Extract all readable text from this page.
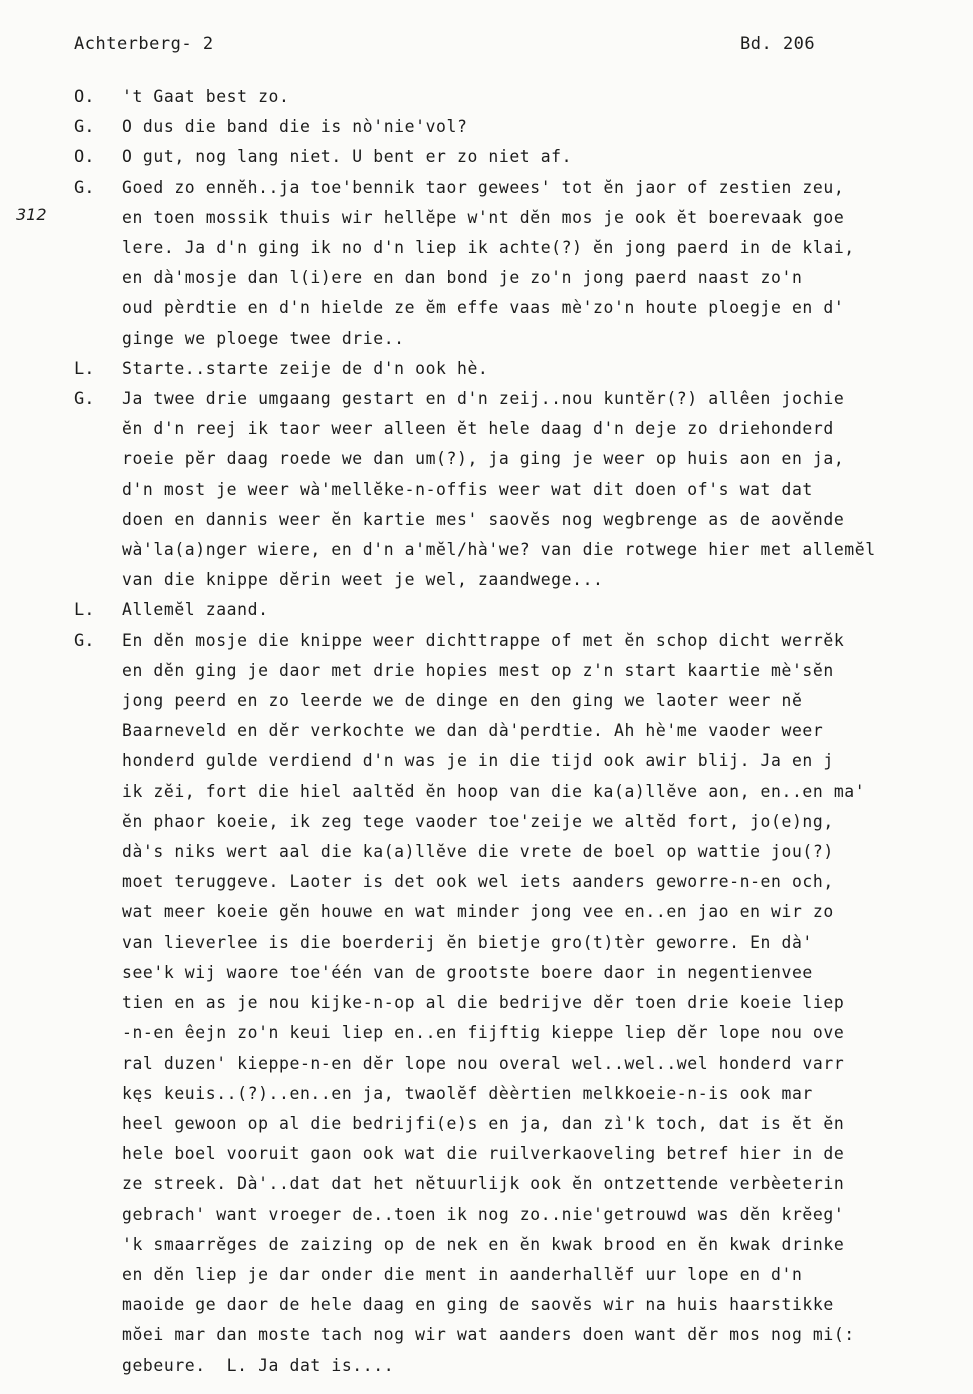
Achterberg- 2	Bd. 206
312
O.	't Gaat best zo.
G.	O dus die band die is nò'nie'vol?
O.	O gut, nog lang niet. U bent er zo niet af.
G.	Goed zo ennĕh..ja toe'bennik taor gewees' tot ĕn jaor of zestien zeu,
en toen mossik thuis wir hellĕpe w'nt dĕn mos je ook ĕt boerevaak goe
lere. Ja d'n ging ik no d'n liep ik achte(?) ĕn jong paerd in de klai,
en dà'mosje dan l(i)ere en dan bond je zo'n jong paerd naast zo'n
oud pèrdtie en d'n hielde ze ĕm effe vaas mè'zo'n houte ploegje en d'
ginge we ploege twee drie..
L.	Starte..starte zeije de d'n ook hè.
G.	Ja twee drie umgaang gestart en d'n zeij..nou kuntĕr(?) allêen jochie
ĕn d'n reej ik taor weer alleen ĕt hele daag d'n deje zo driehonderd
roeie pĕr daag roede we dan um(?), ja ging je weer op huis aon en ja,
d'n most je weer wà'mellĕke-n-offis weer wat dit doen of's wat dat
doen en dannis weer ĕn kartie mes' saovĕs nog wegbrenge as de aovĕnde
wà'la(a)nger wiere, en d'n a'mĕl/hà'we? van die rotwege hier met allemĕl
van die knippe dĕrin weet je wel, zaandwege...
L.	Allemĕl zaand.
G.	En dĕn mosje die knippe weer dichttrappe of met ĕn schop dicht werrĕk
en dĕn ging je daor met drie hopies mest op z'n start kaartie mè'sĕn
jong peerd en zo leerde we de dinge en den ging we laoter weer nĕ
Baarneveld en dĕr verkochte we dan dà'perdtie. Ah hè'me vaoder weer
honderd gulde verdiend d'n was je in die tijd ook awir blij. Ja en j
ik zĕi, fort die hiel aaltĕd ĕn hoop van die ka(a)llĕve aon, en..en ma'
ĕn phaor koeie, ik zeg tege vaoder toe'zeije we altĕd fort, jo(e)ng,
dà's niks wert aal die ka(a)llĕve die vrete de boel op wattie jou(?)
moet teruggeve. Laoter is det ook wel iets aanders geworre-n-en och,
wat meer koeie gĕn houwe en wat minder jong vee en..en jao en wir zo
van lieverlee is die boerderij ĕn bietje gro(t)tèr geworre. En dà'
see'k wij waore toe'één van de grootste boere daor in negentienvee
tien en as je nou kijke-n-op al die bedrijve dĕr toen drie koeie liep
-n-en êejn zo'n keui liep en..en fijftig kieppe liep dĕr lope nou ove
ral duzen' kieppe-n-en dĕr lope nou overal wel..wel..wel honderd varr
kęs keuis..(?)..en..en ja, twaolĕf dèèrtien melkkoeie-n-is ook mar
heel gewoon op al die bedrijfi(e)s en ja, dan zì'k toch, dat is ĕt ĕn
hele boel vooruit gaon ook wat die ruilverkaoveling betref hier in de
ze streek. Dà'..dat dat het nĕtuurlijk ook ĕn ontzettende verbèeterin
gebrach' want vroeger de..toen ik nog zo..nie'getrouwd was dĕn krĕeg'
'k smaarrĕges de zaizing op de nek en ĕn kwak brood en ĕn kwak drinke
en dĕn liep je dar onder die ment in aanderhallĕf uur lope en d'n
maoide ge daor de hele daag en ging de saovĕs wir na huis haarstikke
mŏei mar dan moste tach nog wir wat aanders doen want dĕr mos nog mi(:
gebeure.  L. Ja dat is....
